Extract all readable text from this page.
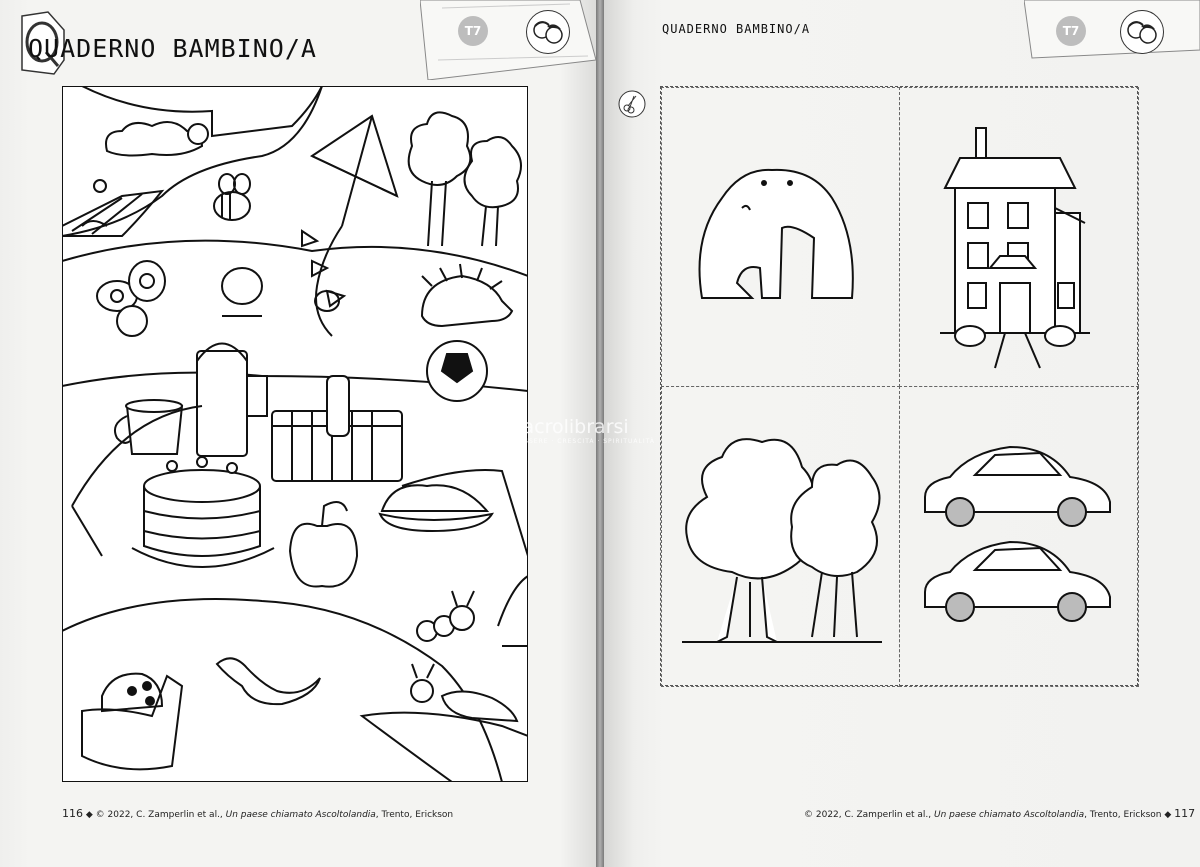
QUADERNO BAMBINO/A
T7
116 ◆ © 2022, C. Zamperlin et al., Un paese chiamato Ascoltolandia, Trento, Erickson
QUADERNO BAMBINO/A	T7
© 2022, C. Zamperlin et al., Un paese chiamato Ascoltolandia, Trento, Erickson ◆ 117
macrolibrarsi
BENESSERE · CRESCITA · SPIRITUALITÀ
